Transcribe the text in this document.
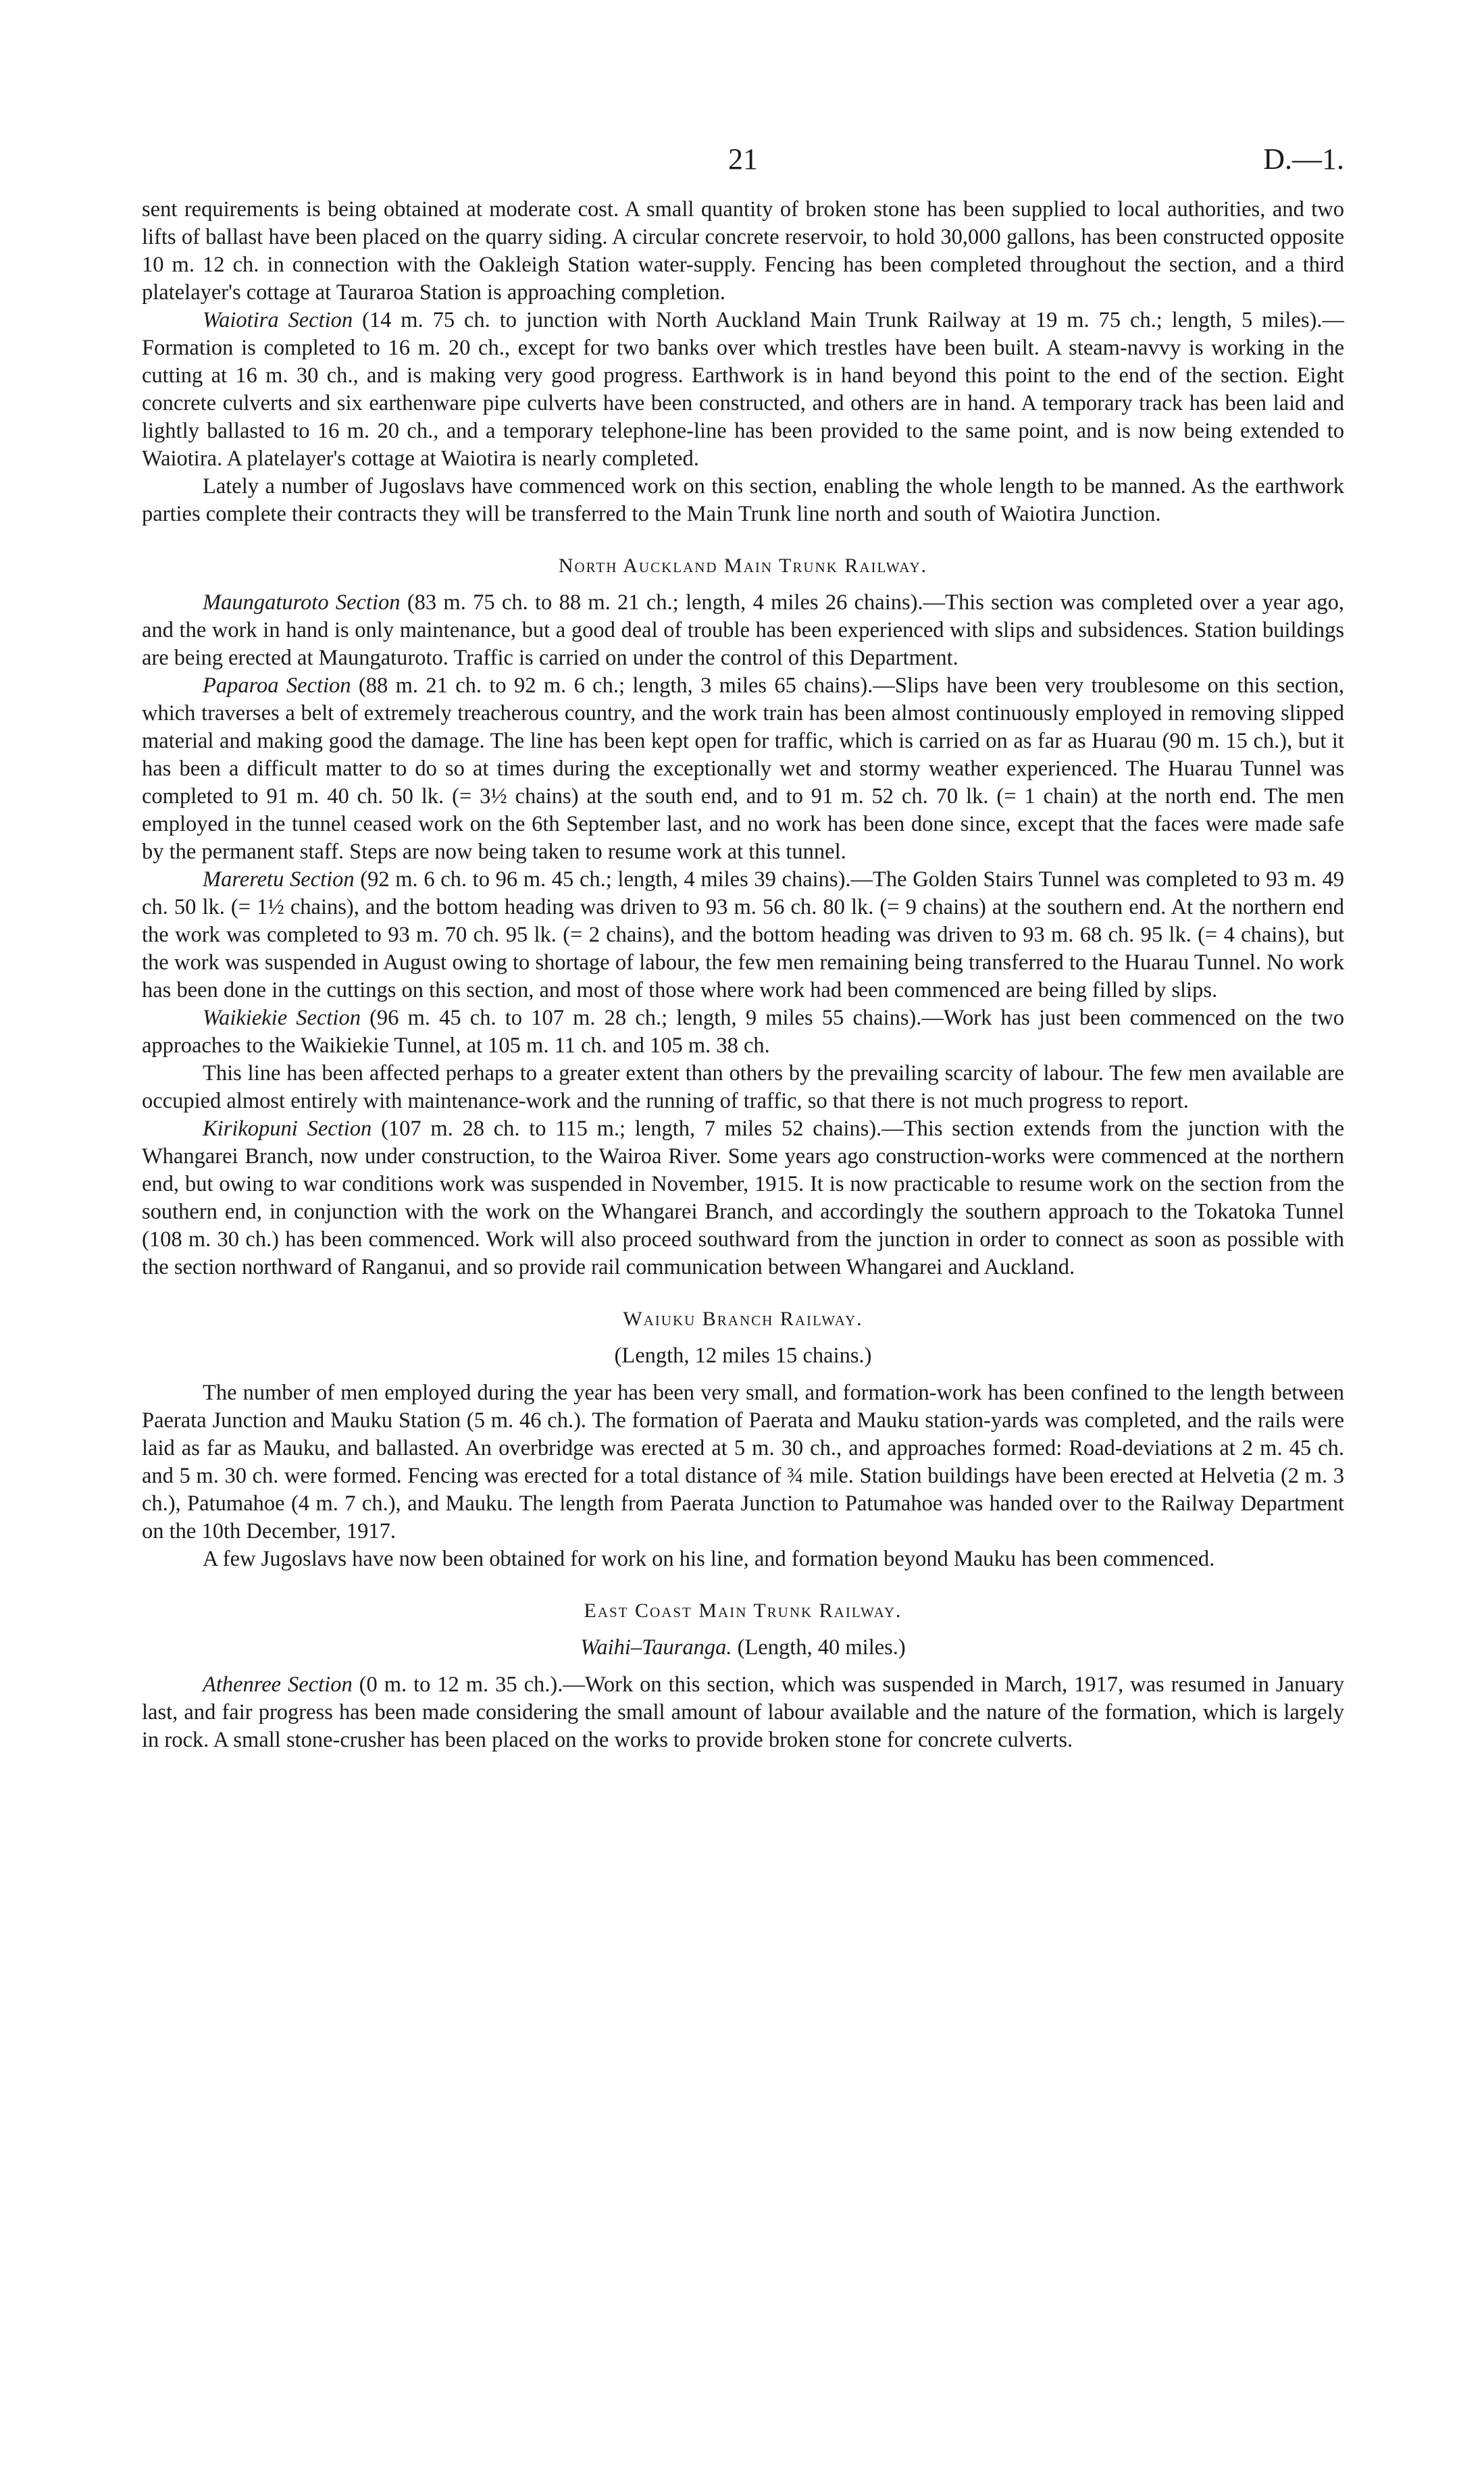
21	D.—1.

sent requirements is being obtained at moderate cost. A small quantity of broken stone has been supplied to local authorities, and two lifts of ballast have been placed on the quarry siding. A circular concrete reservoir, to hold 30,000 gallons, has been constructed opposite 10 m. 12 ch. in connection with the Oakleigh Station water-supply. Fencing has been completed throughout the section, and a third platelayer's cottage at Tauraroa Station is approaching completion.

Waiotira Section (14 m. 75 ch. to junction with North Auckland Main Trunk Railway at 19 m. 75 ch.; length, 5 miles).—Formation is completed to 16 m. 20 ch., except for two banks over which trestles have been built. A steam-navvy is working in the cutting at 16 m. 30 ch., and is making very good progress. Earthwork is in hand beyond this point to the end of the section. Eight concrete culverts and six earthenware pipe culverts have been constructed, and others are in hand. A temporary track has been laid and lightly ballasted to 16 m. 20 ch., and a temporary telephone-line has been provided to the same point, and is now being extended to Waiotira. A platelayer's cottage at Waiotira is nearly completed.

Lately a number of Jugoslavs have commenced work on this section, enabling the whole length to be manned. As the earthwork parties complete their contracts they will be transferred to the Main Trunk line north and south of Waiotira Junction.

North Auckland Main Trunk Railway.

Maungaturoto Section (83 m. 75 ch. to 88 m. 21 ch.; length, 4 miles 26 chains).—This section was completed over a year ago, and the work in hand is only maintenance, but a good deal of trouble has been experienced with slips and subsidences. Station buildings are being erected at Maungaturoto. Traffic is carried on under the control of this Department.

Paparoa Section (88 m. 21 ch. to 92 m. 6 ch.; length, 3 miles 65 chains).—Slips have been very troublesome on this section, which traverses a belt of extremely treacherous country, and the work train has been almost continuously employed in removing slipped material and making good the damage. The line has been kept open for traffic, which is carried on as far as Huarau (90 m. 15 ch.), but it has been a difficult matter to do so at times during the exceptionally wet and stormy weather experienced. The Huarau Tunnel was completed to 91 m. 40 ch. 50 lk. (= 3½ chains) at the south end, and to 91 m. 52 ch. 70 lk. (= 1 chain) at the north end. The men employed in the tunnel ceased work on the 6th September last, and no work has been done since, except that the faces were made safe by the permanent staff. Steps are now being taken to resume work at this tunnel.

Mareretu Section (92 m. 6 ch. to 96 m. 45 ch.; length, 4 miles 39 chains).—The Golden Stairs Tunnel was completed to 93 m. 49 ch. 50 lk. (= 1½ chains), and the bottom heading was driven to 93 m. 56 ch. 80 lk. (= 9 chains) at the southern end. At the northern end the work was completed to 93 m. 70 ch. 95 lk. (= 2 chains), and the bottom heading was driven to 93 m. 68 ch. 95 lk. (= 4 chains), but the work was suspended in August owing to shortage of labour, the few men remaining being transferred to the Huarau Tunnel. No work has been done in the cuttings on this section, and most of those where work had been commenced are being filled by slips.

Waikiekie Section (96 m. 45 ch. to 107 m. 28 ch.; length, 9 miles 55 chains).—Work has just been commenced on the two approaches to the Waikiekie Tunnel, at 105 m. 11 ch. and 105 m. 38 ch.

This line has been affected perhaps to a greater extent than others by the prevailing scarcity of labour. The few men available are occupied almost entirely with maintenance-work and the running of traffic, so that there is not much progress to report.

Kirikopuni Section (107 m. 28 ch. to 115 m.; length, 7 miles 52 chains).—This section extends from the junction with the Whangarei Branch, now under construction, to the Wairoa River. Some years ago construction-works were commenced at the northern end, but owing to war conditions work was suspended in November, 1915. It is now practicable to resume work on the section from the southern end, in conjunction with the work on the Whangarei Branch, and accordingly the southern approach to the Tokatoka Tunnel (108 m. 30 ch.) has been commenced. Work will also proceed southward from the junction in order to connect as soon as possible with the section northward of Ranganui, and so provide rail communication between Whangarei and Auckland.

Waiuku Branch Railway.
(Length, 12 miles 15 chains.)

The number of men employed during the year has been very small, and formation-work has been confined to the length between Paerata Junction and Mauku Station (5 m. 46 ch.). The formation of Paerata and Mauku station-yards was completed, and the rails were laid as far as Mauku, and ballasted. An overbridge was erected at 5 m. 30 ch., and approaches formed: Road-deviations at 2 m. 45 ch. and 5 m. 30 ch. were formed. Fencing was erected for a total distance of ¾ mile. Station buildings have been erected at Helvetia (2 m. 3 ch.), Patumahoe (4 m. 7 ch.), and Mauku. The length from Paerata Junction to Patumahoe was handed over to the Railway Department on the 10th December, 1917.

A few Jugoslavs have now been obtained for work on his line, and formation beyond Mauku has been commenced.

East Coast Main Trunk Railway.
Waihi–Tauranga. (Length, 40 miles.)

Athenree Section (0 m. to 12 m. 35 ch.).—Work on this section, which was suspended in March, 1917, was resumed in January last, and fair progress has been made considering the small amount of labour available and the nature of the formation, which is largely in rock. A small stone-crusher has been placed on the works to provide broken stone for concrete culverts.
